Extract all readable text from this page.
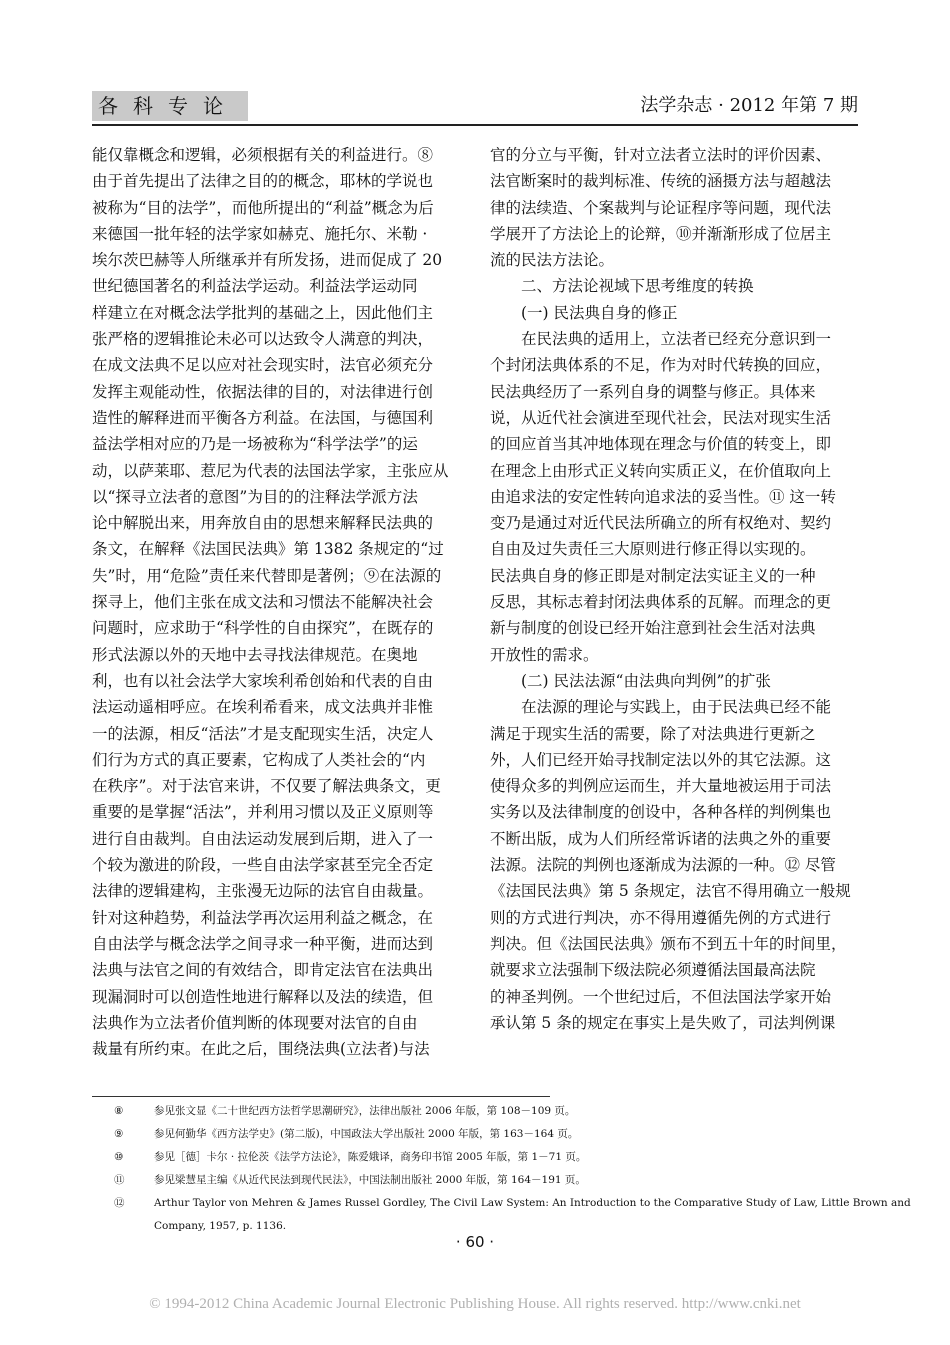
各科专论	法学杂志 · 2012 年第 7 期
能仅靠概念和逻辑，必须根据有关的利益进行。⑧
由于首先提出了法律之目的的概念，耶林的学说也
被称为“目的法学”，而他所提出的“利益”概念为后
来德国一批年轻的法学家如赫克、施托尔、米勒 ·
埃尔茨巴赫等人所继承并有所发扬，进而促成了 20
世纪德国著名的利益法学运动。利益法学运动同
样建立在对概念法学批判的基础之上，因此他们主
张严格的逻辑推论未必可以达致令人满意的判决，
在成文法典不足以应对社会现实时，法官必须充分
发挥主观能动性，依据法律的目的，对法律进行创
造性的解释进而平衡各方利益。在法国，与德国利
益法学相对应的乃是一场被称为“科学法学”的运
动，以萨莱耶、惹尼为代表的法国法学家，主张应从
以“探寻立法者的意图”为目的的注释法学派方法
论中解脱出来，用奔放自由的思想来解释民法典的
条文，在解释《法国民法典》第 1382 条规定的“过
失”时，用“危险”责任来代替即是著例；⑨在法源的
探寻上，他们主张在成文法和习惯法不能解决社会
问题时，应求助于“科学性的自由探究”，在既存的
形式法源以外的天地中去寻找法律规范。在奥地
利，也有以社会法学大家埃利希创始和代表的自由
法运动遥相呼应。在埃利希看来，成文法典并非惟
一的法源，相反“活法”才是支配现实生活，决定人
们行为方式的真正要素，它构成了人类社会的“内
在秩序”。对于法官来讲，不仅要了解法典条文，更
重要的是掌握“活法”，并利用习惯以及正义原则等
进行自由裁判。自由法运动发展到后期，进入了一
个较为激进的阶段，一些自由法学家甚至完全否定
法律的逻辑建构，主张漫无边际的法官自由裁量。
针对这种趋势，利益法学再次运用利益之概念，在
自由法学与概念法学之间寻求一种平衡，进而达到
法典与法官之间的有效结合，即肯定法官在法典出
现漏洞时可以创造性地进行解释以及法的续造，但
法典作为立法者价值判断的体现要对法官的自由
裁量有所约束。在此之后，围绕法典(立法者)与法
官的分立与平衡，针对立法者立法时的评价因素、
法官断案时的裁判标准、传统的涵摄方法与超越法
律的法续造、个案裁判与论证程序等问题，现代法
学展开了方法论上的论辩，⑩并渐渐形成了位居主
流的民法方法论。
　　二、方法论视域下思考维度的转换
　　(一) 民法典自身的修正
　　在民法典的适用上，立法者已经充分意识到一
个封闭法典体系的不足，作为对时代转换的回应，
民法典经历了一系列自身的调整与修正。具体来
说，从近代社会演进至现代社会，民法对现实生活
的回应首当其冲地体现在理念与价值的转变上，即
在理念上由形式正义转向实质正义，在价值取向上
由追求法的安定性转向追求法的妥当性。⑪ 这一转
变乃是通过对近代民法所确立的所有权绝对、契约
自由及过失责任三大原则进行修正得以实现的。
民法典自身的修正即是对制定法实证主义的一种
反思，其标志着封闭法典体系的瓦解。而理念的更
新与制度的创设已经开始注意到社会生活对法典
开放性的需求。
　　(二) 民法法源“由法典向判例”的扩张
　　在法源的理论与实践上，由于民法典已经不能
满足于现实生活的需要，除了对法典进行更新之
外，人们已经开始寻找制定法以外的其它法源。这
使得众多的判例应运而生，并大量地被运用于司法
实务以及法律制度的创设中，各种各样的判例集也
不断出版，成为人们所经常诉诸的法典之外的重要
法源。法院的判例也逐渐成为法源的一种。⑫ 尽管
《法国民法典》第 5 条规定，法官不得用确立一般规
则的方式进行判决，亦不得用遵循先例的方式进行
判决。但《法国民法典》颁布不到五十年的时间里，
就要求立法强制下级法院必须遵循法国最高法院
的神圣判例。一个世纪过后，不但法国法学家开始
承认第 5 条的规定在事实上是失败了，司法判例课
⑧	参见张文显《二十世纪西方法哲学思潮研究》，法律出版社 2006 年版，第 108－109 页。
⑨	参见何勤华《西方法学史》(第二版)，中国政法大学出版社 2000 年版，第 163－164 页。
⑩	参见［德］卡尔 · 拉伦茨《法学方法论》，陈爱娥译，商务印书馆 2005 年版，第 1－71 页。
⑪	参见梁慧星主编《从近代民法到现代民法》，中国法制出版社 2000 年版，第 164－191 页。
⑫	Arthur Taylor von Mehren & James Russel Gordley, The Civil Law System: An Introduction to the Comparative Study of Law, Little Brown and
Company, 1957, p. 1136.
· 60 ·
© 1994-2012 China Academic Journal Electronic Publishing House. All rights reserved. http://www.cnki.net
